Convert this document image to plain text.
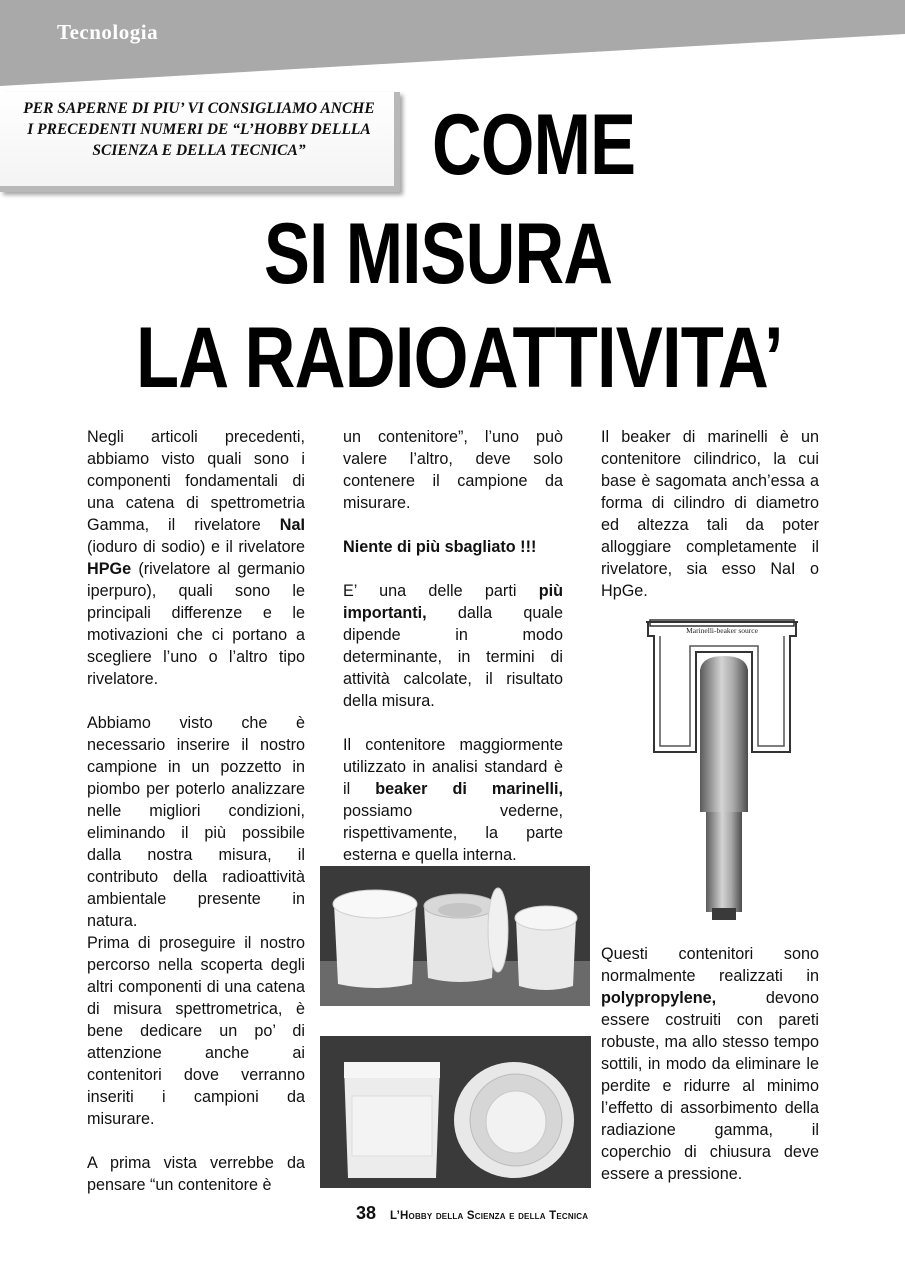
Tecnologia

PER SAPERNE DI PIU’ VI CONSIGLIAMO ANCHE I PRECEDENTI NUMERI DE “L’HOBBY DELLLA SCIENZA E DELLA TECNICA”	COME
SI MISURA
LA RADIOATTIVITA’

Negli articoli precedenti, abbiamo visto quali sono i componenti fondamentali di una catena di spettrometria Gamma, il rivelatore NaI (ioduro di sodio) e il rivelatore HPGe (rivelatore al germanio iperpuro), quali sono le principali differenze e le motivazioni che ci portano a scegliere l’uno o l’altro tipo rivelatore.

Abbiamo visto che è necessario inserire il nostro campione in un pozzetto in piombo per poterlo analizzare nelle migliori condizioni, eliminando il più possibile dalla nostra misura, il contributo della radioattività ambientale presente in natura.

Prima di proseguire il nostro percorso nella scoperta degli altri componenti di una catena di misura spettrometrica, è bene dedicare un po’ di attenzione anche ai contenitori dove verranno inseriti i campioni da misurare.

A prima vista verrebbe da pensare “un contenitore è

un contenitore”, l’uno può valere l’altro, deve solo contenere il campione da misurare.

Niente di più sbagliato !!!

E’ una delle parti più importanti, dalla quale dipende in modo determinante, in termini di attività calcolate, il risultato della misura.

Il contenitore maggiormente utilizzato in analisi standard è il beaker di marinelli, possiamo vederne, rispettivamente, la parte esterna e quella interna.

Il beaker di marinelli è un contenitore cilindrico, la cui base è sagomata anch’essa a forma di cilindro di diametro ed altezza tali da poter alloggiare completamente il rivelatore, sia esso NaI o HpGe.

Marinelli-beaker source

Questi contenitori sono normalmente realizzati in polypropylene, devono essere costruiti con pareti robuste, ma allo stesso tempo sottili, in modo da eliminare le perdite e ridurre al minimo l’effetto di assorbimento della radiazione gamma, il coperchio di chiusura deve essere a pressione.

38 L’Hobby della Scienza e della Tecnica
